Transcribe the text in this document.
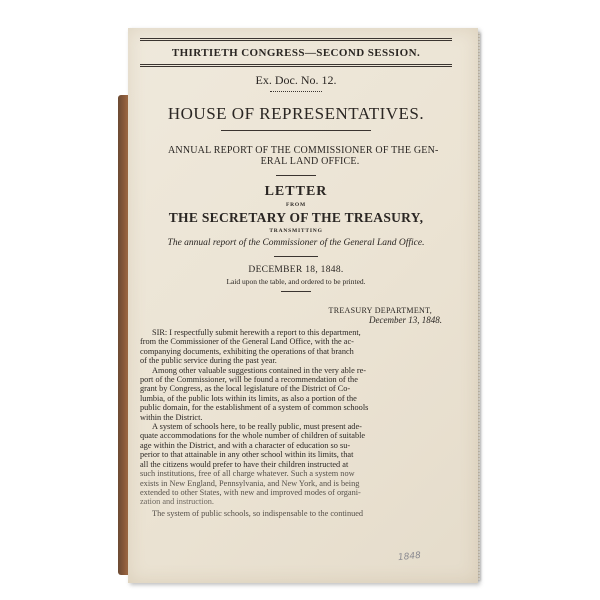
THIRTIETH CONGRESS—SECOND SESSION.
Ex. Doc. No. 12.
HOUSE OF REPRESENTATIVES.
ANNUAL REPORT OF THE COMMISSIONER OF THE GEN-
ERAL LAND OFFICE.
LETTER
FROM
THE SECRETARY OF THE TREASURY,
TRANSMITTING
The annual report of the Commissioner of the General Land Office.
DECEMBER 18, 1848.
Laid upon the table, and ordered to be printed.
TREASURY DEPARTMENT,
December 13, 1848.
SIR: I respectfully submit herewith a report to this department,
from the Commissioner of the General Land Office, with the ac-
companying documents, exhibiting the operations of that branch
of the public service during the past year.
Among other valuable suggestions contained in the very able re-
port of the Commissioner, will be found a recommendation of the
grant by Congress, as the local legislature of the District of Co-
lumbia, of the public lots within its limits, as also a portion of the
public domain, for the establishment of a system of common schools
within the District.
A system of schools here, to be really public, must present ade-
quate accommodations for the whole number of children of suitable
age within the District, and with a character of education so su-
perior to that attainable in any other school within its limits, that
all the citizens would prefer to have their children instructed at
such institutions, free of all charge whatever. Such a system now
exists in New England, Pennsylvania, and New York, and is being
extended to other States, with new and improved modes of organi-
zation and instruction.
The system of public schools, so indispensable to the continued
1848
